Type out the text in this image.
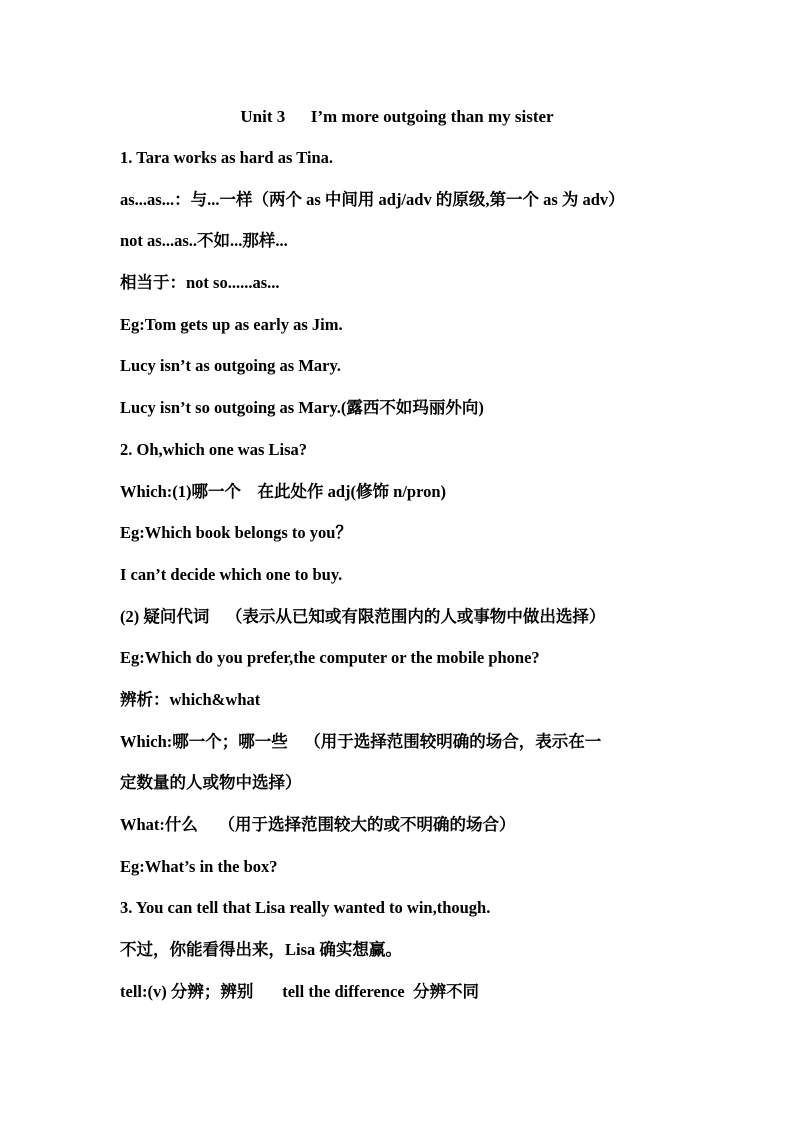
Unit 3      I’m more outgoing than my sister
1. Tara works as hard as Tina.
as...as...：与...一样（两个 as 中间用 adj/adv 的原级,第一个 as 为 adv）
not as...as..不如...那样...
相当于：not so......as...
Eg:Tom gets up as early as Jim.
Lucy isn’t as outgoing as Mary.
Lucy isn’t so outgoing as Mary.(露西不如玛丽外向)
2. Oh,which one was Lisa?
Which:(1)哪一个    在此处作 adj(修饰 n/pron)
Eg:Which book belongs to you？
I can’t decide which one to buy.
(2) 疑问代词    （表示从已知或有限范围内的人或事物中做出选择）
Eg:Which do you prefer,the computer or the mobile phone?
辨析：which&what
Which:哪一个；哪一些    （用于选择范围较明确的场合，表示在一
定数量的人或物中选择）
What:什么     （用于选择范围较大的或不明确的场合）
Eg:What’s in the box?
3. You can tell that Lisa really wanted to win,though.
不过，你能看得出来，Lisa 确实想赢。
tell:(v) 分辨；辨别       tell the difference  分辨不同
